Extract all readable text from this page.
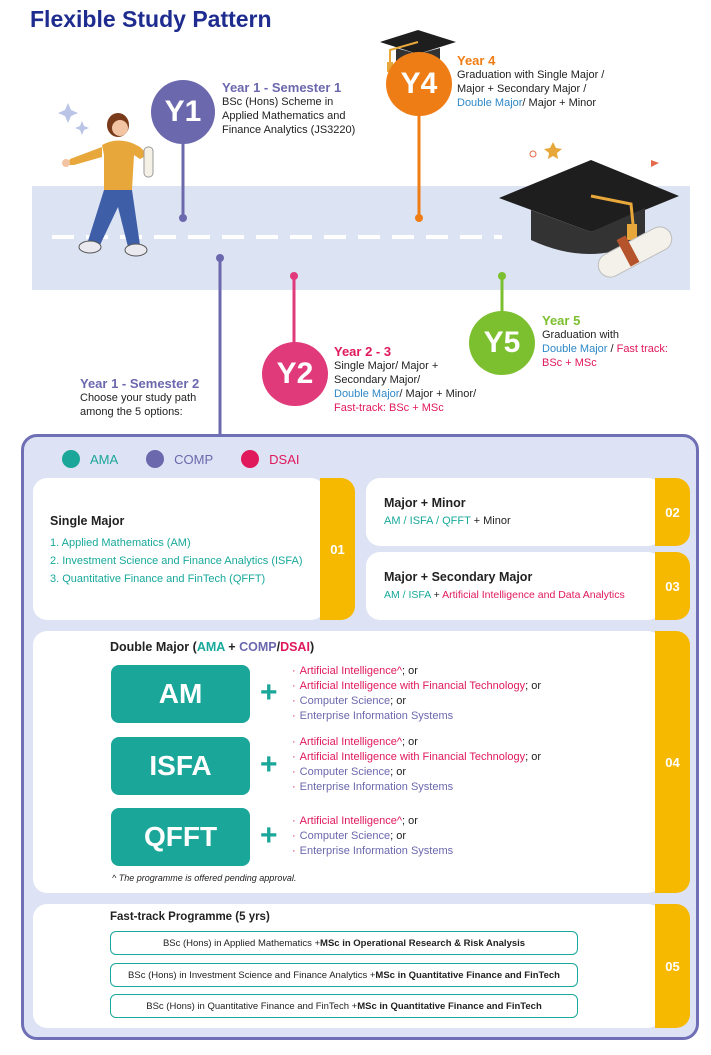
Flexible Study Pattern
Y1
Year 1 - Semester 1
BSc (Hons) Scheme in
Applied Mathematics and
Finance Analytics (JS3220)
Y4
Year 4
Graduation with Single Major /
Major + Secondary Major /
Double Major/ Major + Minor
Year 1 - Semester 2
Choose your study path
among the 5 options:
Y2
Year 2 - 3
Single Major/ Major +
Secondary Major/
Double Major/ Major + Minor/
Fast-track: BSc + MSc
Y5
Year 5
Graduation with
Double Major / Fast track:
BSc + MSc
AMA	COMP	DSAI
01
Single Major
1. Applied Mathematics (AM)
2. Investment Science and Finance Analytics (ISFA)
3. Quantitative Finance and FinTech (QFFT)
02
Major + Minor
AM / ISFA / QFFT + Minor
03
Major + Secondary Major
AM / ISFA + Artificial Intelligence and Data Analytics
04
Double Major (AMA + COMP/DSAI)
AM	+
· Artificial Intelligence^; or
· Artificial Intelligence with Financial Technology; or
· Computer Science; or
· Enterprise Information Systems
ISFA	+
· Artificial Intelligence^; or
· Artificial Intelligence with Financial Technology; or
· Computer Science; or
· Enterprise Information Systems
QFFT	+ · Artificial Intelligence^; or
· Computer Science; or
· Enterprise Information Systems
^ The programme is offered pending approval.
05
Fast-track Programme (5 yrs)
BSc (Hons) in Applied Mathematics + MSc in Operational Research & Risk Analysis
BSc (Hons) in Investment Science and Finance Analytics + MSc in Quantitative Finance and FinTech
BSc (Hons) in Quantitative Finance and FinTech + MSc in Quantitative Finance and FinTech
